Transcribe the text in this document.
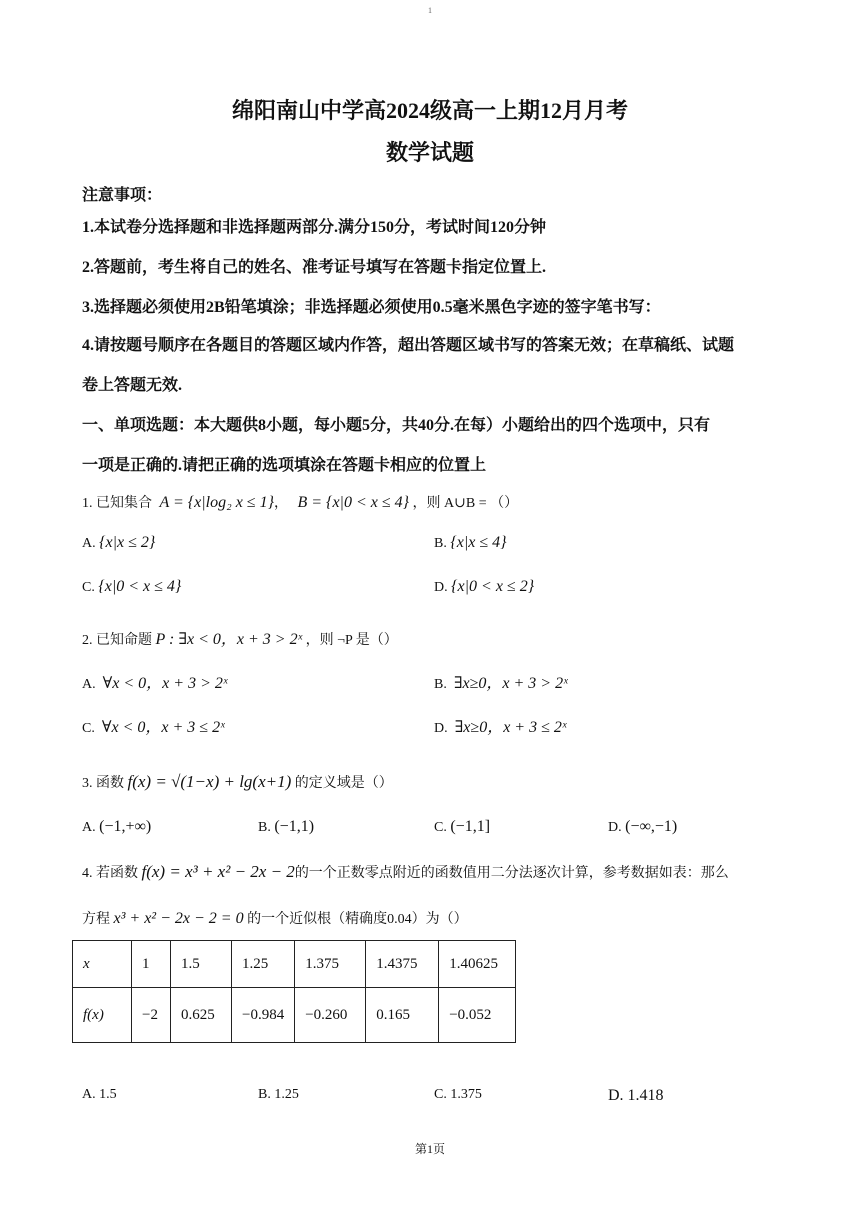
1
绵阳南山中学高2024级高一上期12月月考
数学试题
注意事项：
1.本试卷分选择题和非选择题两部分.满分150分，考试时间120分钟
2.答题前，考生将自己的姓名、准考证号填写在答题卡指定位置上.
3.选择题必须使用2B铅笔填涂；非选择题必须使用0.5毫米黑色字迹的签字笔书写：
4.请按题号顺序在各题目的答题区域内作答，超出答题区域书写的答案无效；在草稿纸、试题
卷上答题无效.
一、单项选题：本大题供8小题，每小题5分，共40分.在每）小题给出的四个选项中，只有
一项是正确的.请把正确的选项填涂在答题卡相应的位置上
1. 已知集合 A = {x|log₂ x ≤ 1}， B = {x|0 < x ≤ 4} ，则 A∪B = （）
A. {x|x ≤ 2}	B. {x|x ≤ 4}
C. {x|0 < x ≤ 4}	D. {x|0 < x ≤ 2}
2. 已知命题 P : ∃x < 0，x + 3 > 2ˣ ，则 ¬P 是（）
A.  ∀x < 0，x + 3 > 2ˣ	B.  ∃x≥0，x + 3 > 2ˣ
C.  ∀x < 0，x + 3 ≤ 2ˣ	D.  ∃x≥0，x + 3 ≤ 2ˣ
3. 函数 f(x) = √(1−x) + lg(x+1) 的定义域是（）
A. (−1,+∞)	B. (−1,1)	C. (−1,1]	D. (−∞,−1)
4. 若函数 f(x) = x³ + x² − 2x − 2的一个正数零点附近的函数值用二分法逐次计算，参考数据如表：那么
方程 x³ + x² − 2x − 2 = 0 的一个近似根（精确度0.04）为（）
x	1	1.5	1.25	1.375	1.4375	1.40625
f(x)	−2	0.625	−0.984	−0.260	0.165	−0.052
A. 1.5	B. 1.25	C. 1.375	D. 1.418
第1页
